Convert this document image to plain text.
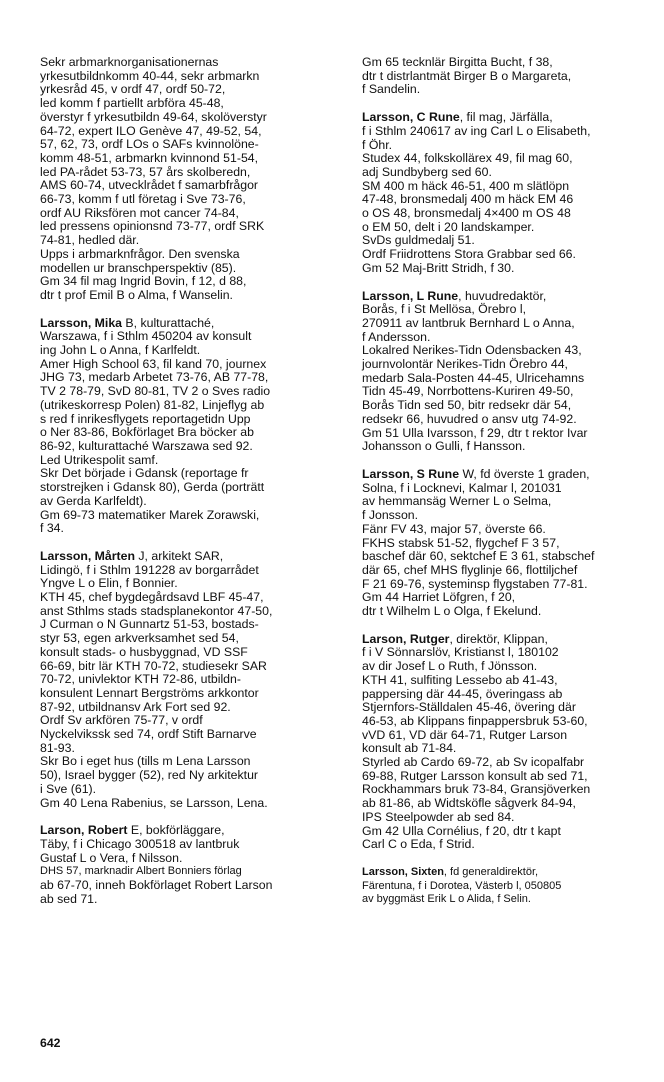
Sekr arbmarknorganisationernas
yrkesutbildnkomm 40-44, sekr arbmarkn
yrkesråd 45, v ordf 47, ordf 50-72,
led komm f partiellt arbföra 45-48,
överstyr f yrkesutbildn 49-64, skolöverstyr
64-72, expert ILO Genève 47, 49-52, 54,
57, 62, 73, ordf LOs o SAFs kvinnolöne-
komm 48-51, arbmarkn kvinnond 51-54,
led PA-rådet 53-73, 57 års skolberedn,
AMS 60-74, utvecklrådet f samarbfrågor
66-73, komm f utl företag i Sve 73-76,
ordf AU Riksfören mot cancer 74-84,
led pressens opinionsnd 73-77, ordf SRK
74-81, hedled där.
Upps i arbmarknfrågor. Den svenska
modellen ur branschperspektiv (85).
Gm 34 fil mag Ingrid Bovin, f 12, d 88,
dtr t prof Emil B o Alma, f Wanselin.
Larsson, Mika B, kulturattaché,
Warszawa, f i Sthlm 450204 av konsult
ing John L o Anna, f Karlfeldt.
Amer High School 63, fil kand 70, journex
JHG 73, medarb Arbetet 73-76, AB 77-78,
TV 2 78-79, SvD 80-81, TV 2 o Sves radio
(utrikeskorresp Polen) 81-82, Linjeflyg ab
s red f inrikesflygets reportagetidn Upp
o Ner 83-86, Bokförlaget Bra böcker ab
86-92, kulturattaché Warszawa sed 92.
Led Utrikespolit samf.
Skr Det började i Gdansk (reportage fr
storstrejken i Gdansk 80), Gerda (porträtt
av Gerda Karlfeldt).
Gm 69-73 matematiker Marek Zorawski,
f 34.
Larsson, Mårten J, arkitekt SAR,
Lidingö, f i Sthlm 191228 av borgarrådet
Yngve L o Elin, f Bonnier.
KTH 45, chef bygdegårdsavd LBF 45-47,
anst Sthlms stads stadsplanekontor 47-50,
J Curman o N Gunnartz 51-53, bostads-
styr 53, egen arkverksamhet sed 54,
konsult stads- o husbyggnad, VD SSF
66-69, bitr lär KTH 70-72, studiesekr SAR
70-72, univlektor KTH 72-86, utbildn-
konsulent Lennart Bergströms arkkontor
87-92, utbildnansv Ark Fort sed 92.
Ordf Sv arkfören 75-77, v ordf
Nyckelvikssk sed 74, ordf Stift Barnarve
81-93.
Skr Bo i eget hus (tills m Lena Larsson
50), Israel bygger (52), red Ny arkitektur
i Sve (61).
Gm 40 Lena Rabenius, se Larsson, Lena.
Larson, Robert E, bokförläggare,
Täby, f i Chicago 300518 av lantbruk
Gustaf L o Vera, f Nilsson.
DHS 57, marknadir Albert Bonniers förlag
ab 67-70, inneh Bokförlaget Robert Larson
ab sed 71.
Gm 65 tecknlär Birgitta Bucht, f 38,
dtr t distrlantmät Birger B o Margareta,
f Sandelin.
Larsson, C Rune, fil mag, Järfälla,
f i Sthlm 240617 av ing Carl L o Elisabeth,
f Öhr.
Studex 44, folkskollärex 49, fil mag 60,
adj Sundbyberg sed 60.
SM 400 m häck 46-51, 400 m slätlöpn
47-48, bronsmedalj 400 m häck EM 46
o OS 48, bronsmedalj 4×400 m OS 48
o EM 50, delt i 20 landskamper.
SvDs guldmedalj 51.
Ordf Friidrottens Stora Grabbar sed 66.
Gm 52 Maj-Britt Stridh, f 30.
Larsson, L Rune, huvudredaktör,
Borås, f i St Mellösa, Örebro l,
270911 av lantbruk Bernhard L o Anna,
f Andersson.
Lokalred Nerikes-Tidn Odensbacken 43,
journvolontär Nerikes-Tidn Örebro 44,
medarb Sala-Posten 44-45, Ulricehamns
Tidn 45-49, Norrbottens-Kuriren 49-50,
Borås Tidn sed 50, bitr redsekr där 54,
redsekr 66, huvudred o ansv utg 74-92.
Gm 51 Ulla Ivarsson, f 29, dtr t rektor Ivar
Johansson o Gulli, f Hansson.
Larsson, S Rune W, fd överste 1 graden,
Solna, f i Locknevi, Kalmar l, 201031
av hemmansäg Werner L o Selma,
f Jonsson.
Fänr FV 43, major 57, överste 66.
FKHS stabsk 51-52, flygchef F 3 57,
baschef där 60, sektchef E 3 61, stabschef
där 65, chef MHS flyglinje 66, flottiljchef
F 21 69-76, systeminsp flygstaben 77-81.
Gm 44 Harriet Löfgren, f 20,
dtr t Wilhelm L o Olga, f Ekelund.
Larson, Rutger, direktör, Klippan,
f i V Sönnarslöv, Kristianst l, 180102
av dir Josef L o Ruth, f Jönsson.
KTH 41, sulfiting Lessebo ab 41-43,
pappersing där 44-45, överingass ab
Stjernfors-Ställdalen 45-46, övering där
46-53, ab Klippans finpappersbruk 53-60,
vVD 61, VD där 64-71, Rutger Larson
konsult ab 71-84.
Styrled ab Cardo 69-72, ab Sv icopalfabr
69-88, Rutger Larsson konsult ab sed 71,
Rockhammars bruk 73-84, Gransjöverken
ab 81-86, ab Widtsköfle sågverk 84-94,
IPS Steelpowder ab sed 84.
Gm 42 Ulla Cornélius, f 20, dtr t kapt
Carl C o Eda, f Strid.
Larsson, Sixten, fd generaldirektör,
Färentuna, f i Dorotea, Västerb l, 050805
av byggmäst Erik L o Alida, f Selin.
642
